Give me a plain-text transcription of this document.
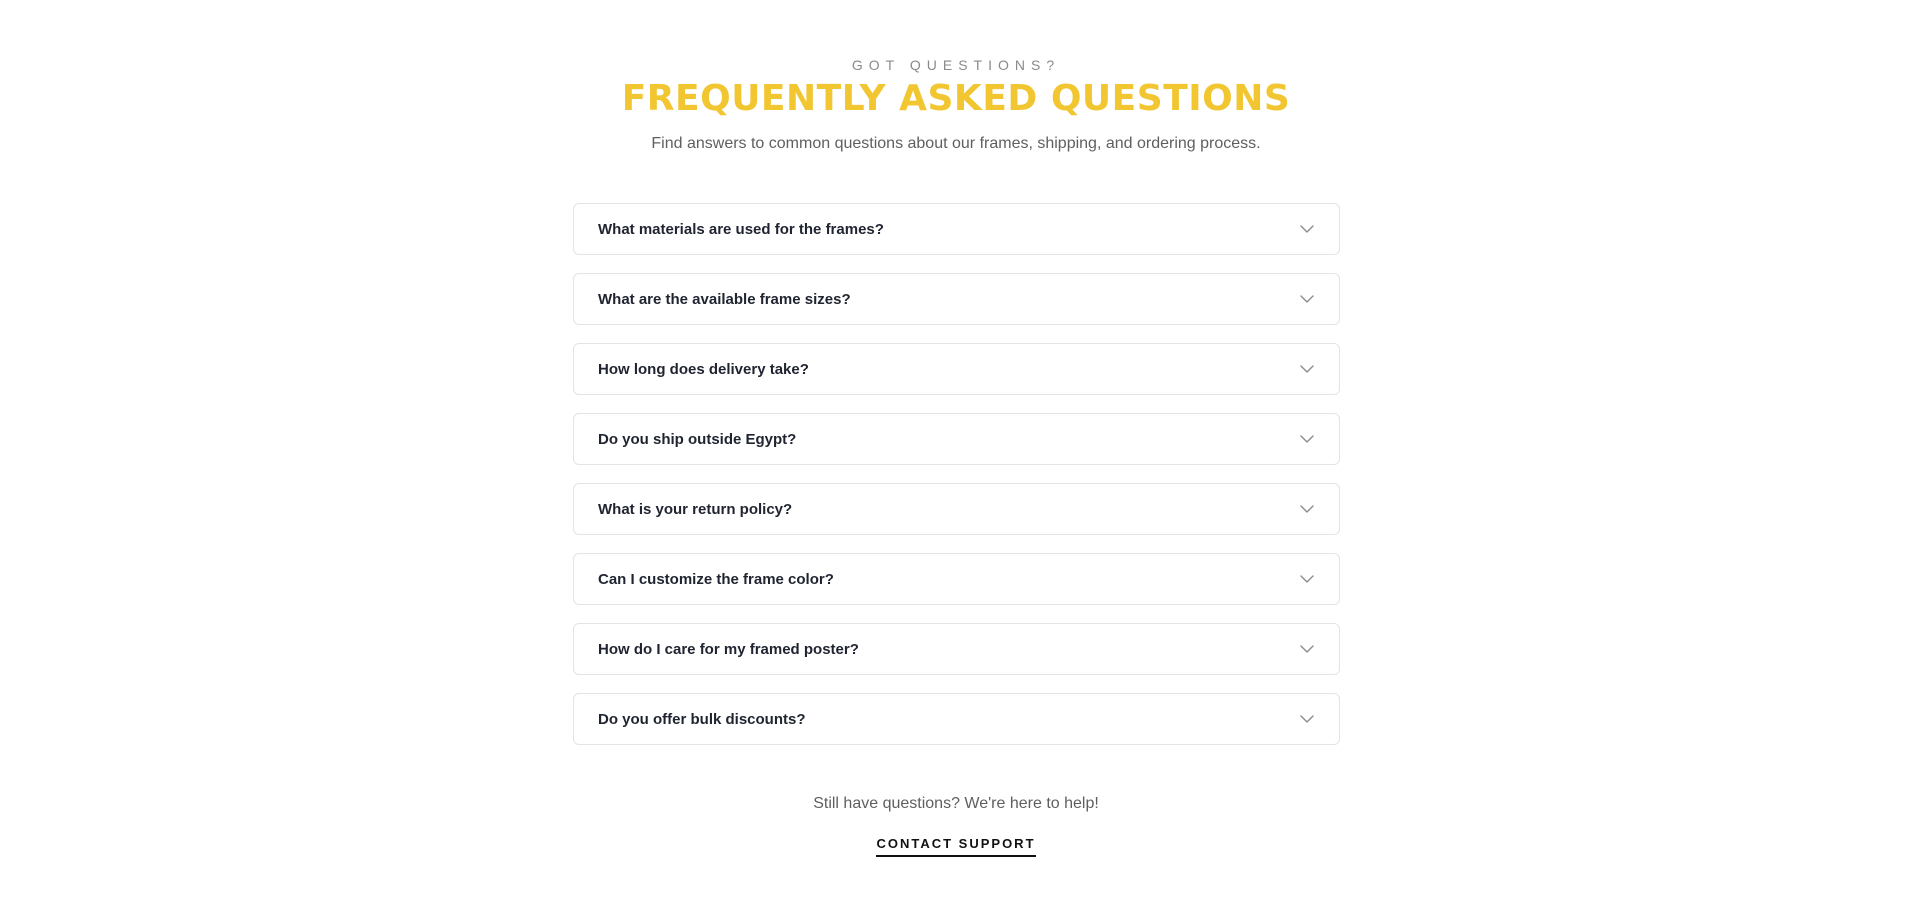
GOT QUESTIONS?
FREQUENTLY ASKED QUESTIONS

Find answers to common questions about our frames, shipping, and ordering process.

What materials are used for the frames?
What are the available frame sizes?
How long does delivery take?
Do you ship outside Egypt?
What is your return policy?
Can I customize the frame color?
How do I care for my framed poster?
Do you offer bulk discounts?

Still have questions? We're here to help!

CONTACT SUPPORT
